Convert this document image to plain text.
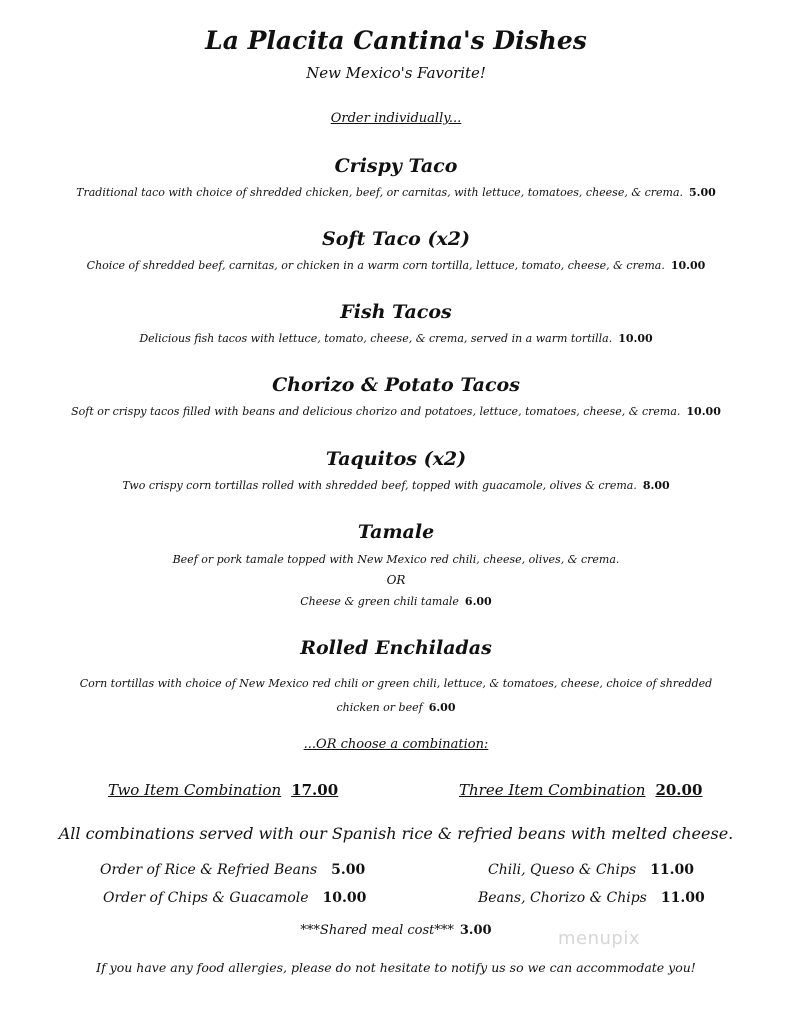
La Placita Cantina's Dishes
New Mexico's Favorite!
Order individually...
Crispy Taco
Traditional taco with choice of shredded chicken, beef, or carnitas, with lettuce, tomatoes, cheese, & crema. 5.00
Soft Taco (x2)
Choice of shredded beef, carnitas, or chicken in a warm corn tortilla, lettuce, tomato, cheese, & crema. 10.00
Fish Tacos
Delicious fish tacos with lettuce, tomato, cheese, & crema, served in a warm tortilla. 10.00
Chorizo & Potato Tacos
Soft or crispy tacos filled with beans and delicious chorizo and potatoes, lettuce, tomatoes, cheese, & crema. 10.00
Taquitos (x2)
Two crispy corn tortillas rolled with shredded beef, topped with guacamole, olives & crema. 8.00
Tamale
Beef or pork tamale topped with New Mexico red chili, cheese, olives, & crema.
OR
Cheese & green chili tamale 6.00
Rolled Enchiladas
Corn tortillas with choice of New Mexico red chili or green chili, lettuce, & tomatoes, cheese, choice of shredded
chicken or beef 6.00
...OR choose a combination:
Two Item Combination 17.00	Three Item Combination 20.00
All combinations served with our Spanish rice & refried beans with melted cheese.
Order of Rice & Refried Beans 5.00	Chili, Queso & Chips 11.00
Order of Chips & Guacamole 10.00	Beans, Chorizo & Chips 11.00
***Shared meal cost*** 3.00	menupix
If you have any food allergies, please do not hesitate to notify us so we can accommodate you!
